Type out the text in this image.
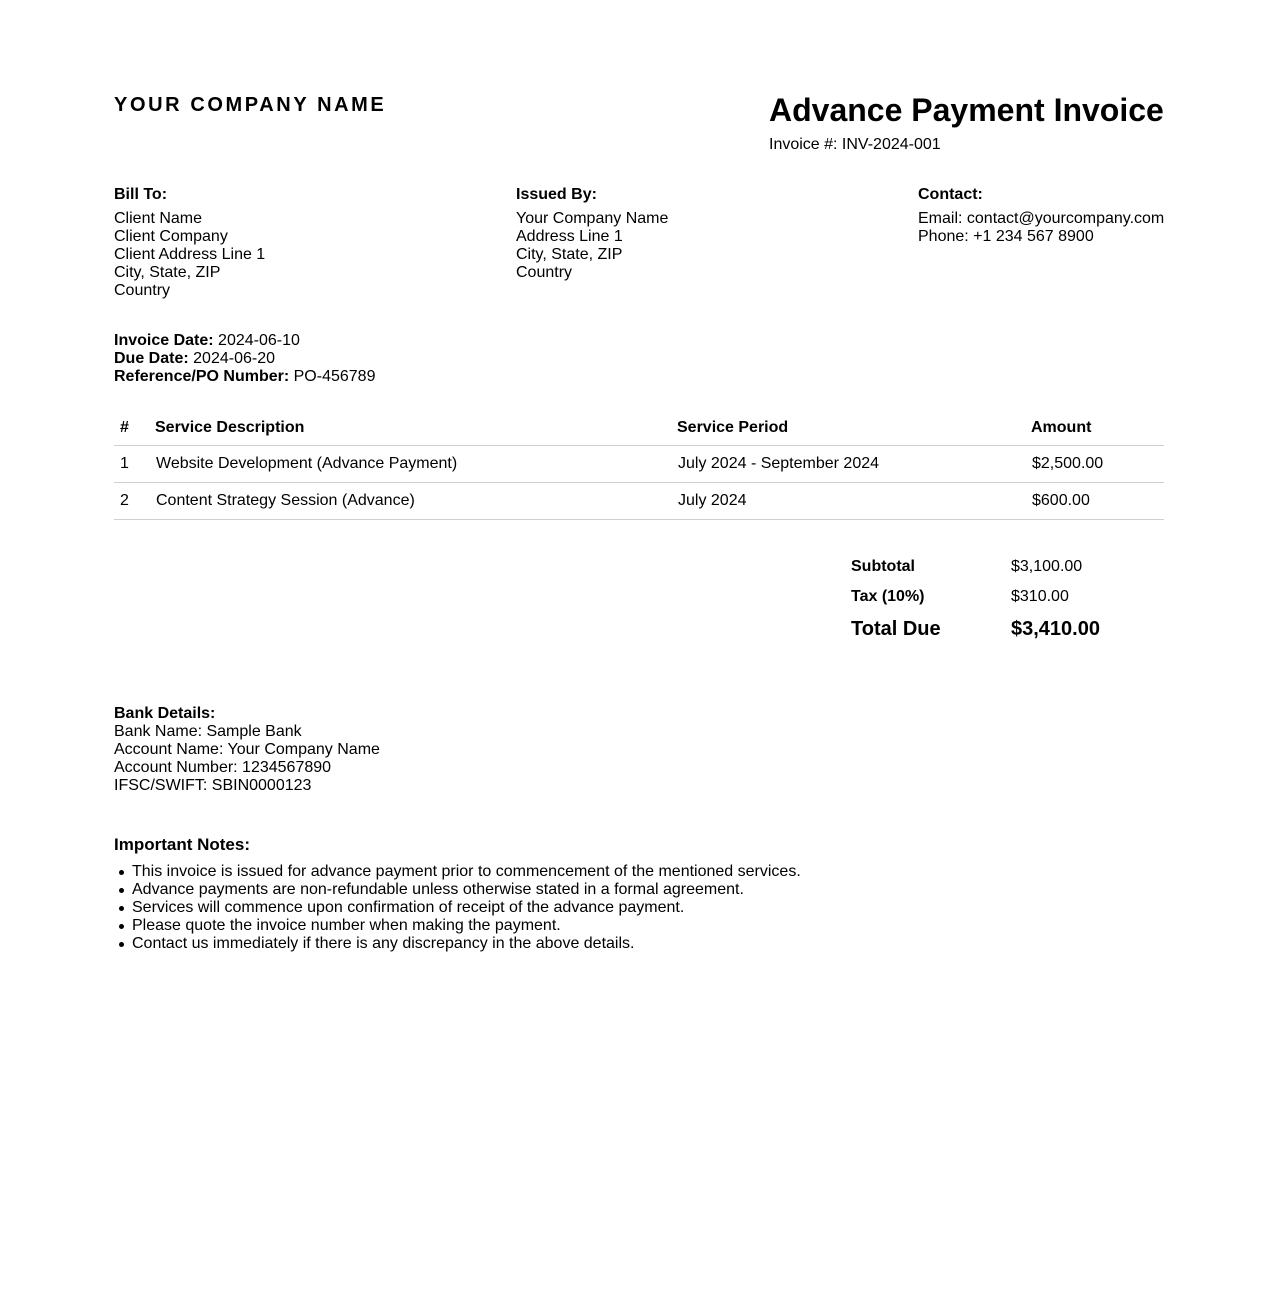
YOUR COMPANY NAME	Advance Payment Invoice
Invoice #: INV-2024-001
Bill To:
Client Name
Client Company
Client Address Line 1
City, State, ZIP
Country
Issued By:
Your Company Name
Address Line 1
City, State, ZIP
Country
Contact:
Email: contact@yourcompany.com
Phone: +1 234 567 8900
Invoice Date: 2024-06-10
Due Date: 2024-06-20
Reference/PO Number: PO-456789
#	Service Description	Service Period	Amount
1	Website Development (Advance Payment)	July 2024 - September 2024	$2,500.00
2	Content Strategy Session (Advance)	July 2024	$600.00
Subtotal	$3,100.00
Tax (10%)	$310.00
Total Due	$3,410.00
Bank Details:
Bank Name: Sample Bank
Account Name: Your Company Name
Account Number: 1234567890
IFSC/SWIFT: SBIN0000123
Important Notes:
This invoice is issued for advance payment prior to commencement of the mentioned services.
Advance payments are non-refundable unless otherwise stated in a formal agreement.
Services will commence upon confirmation of receipt of the advance payment.
Please quote the invoice number when making the payment.
Contact us immediately if there is any discrepancy in the above details.
